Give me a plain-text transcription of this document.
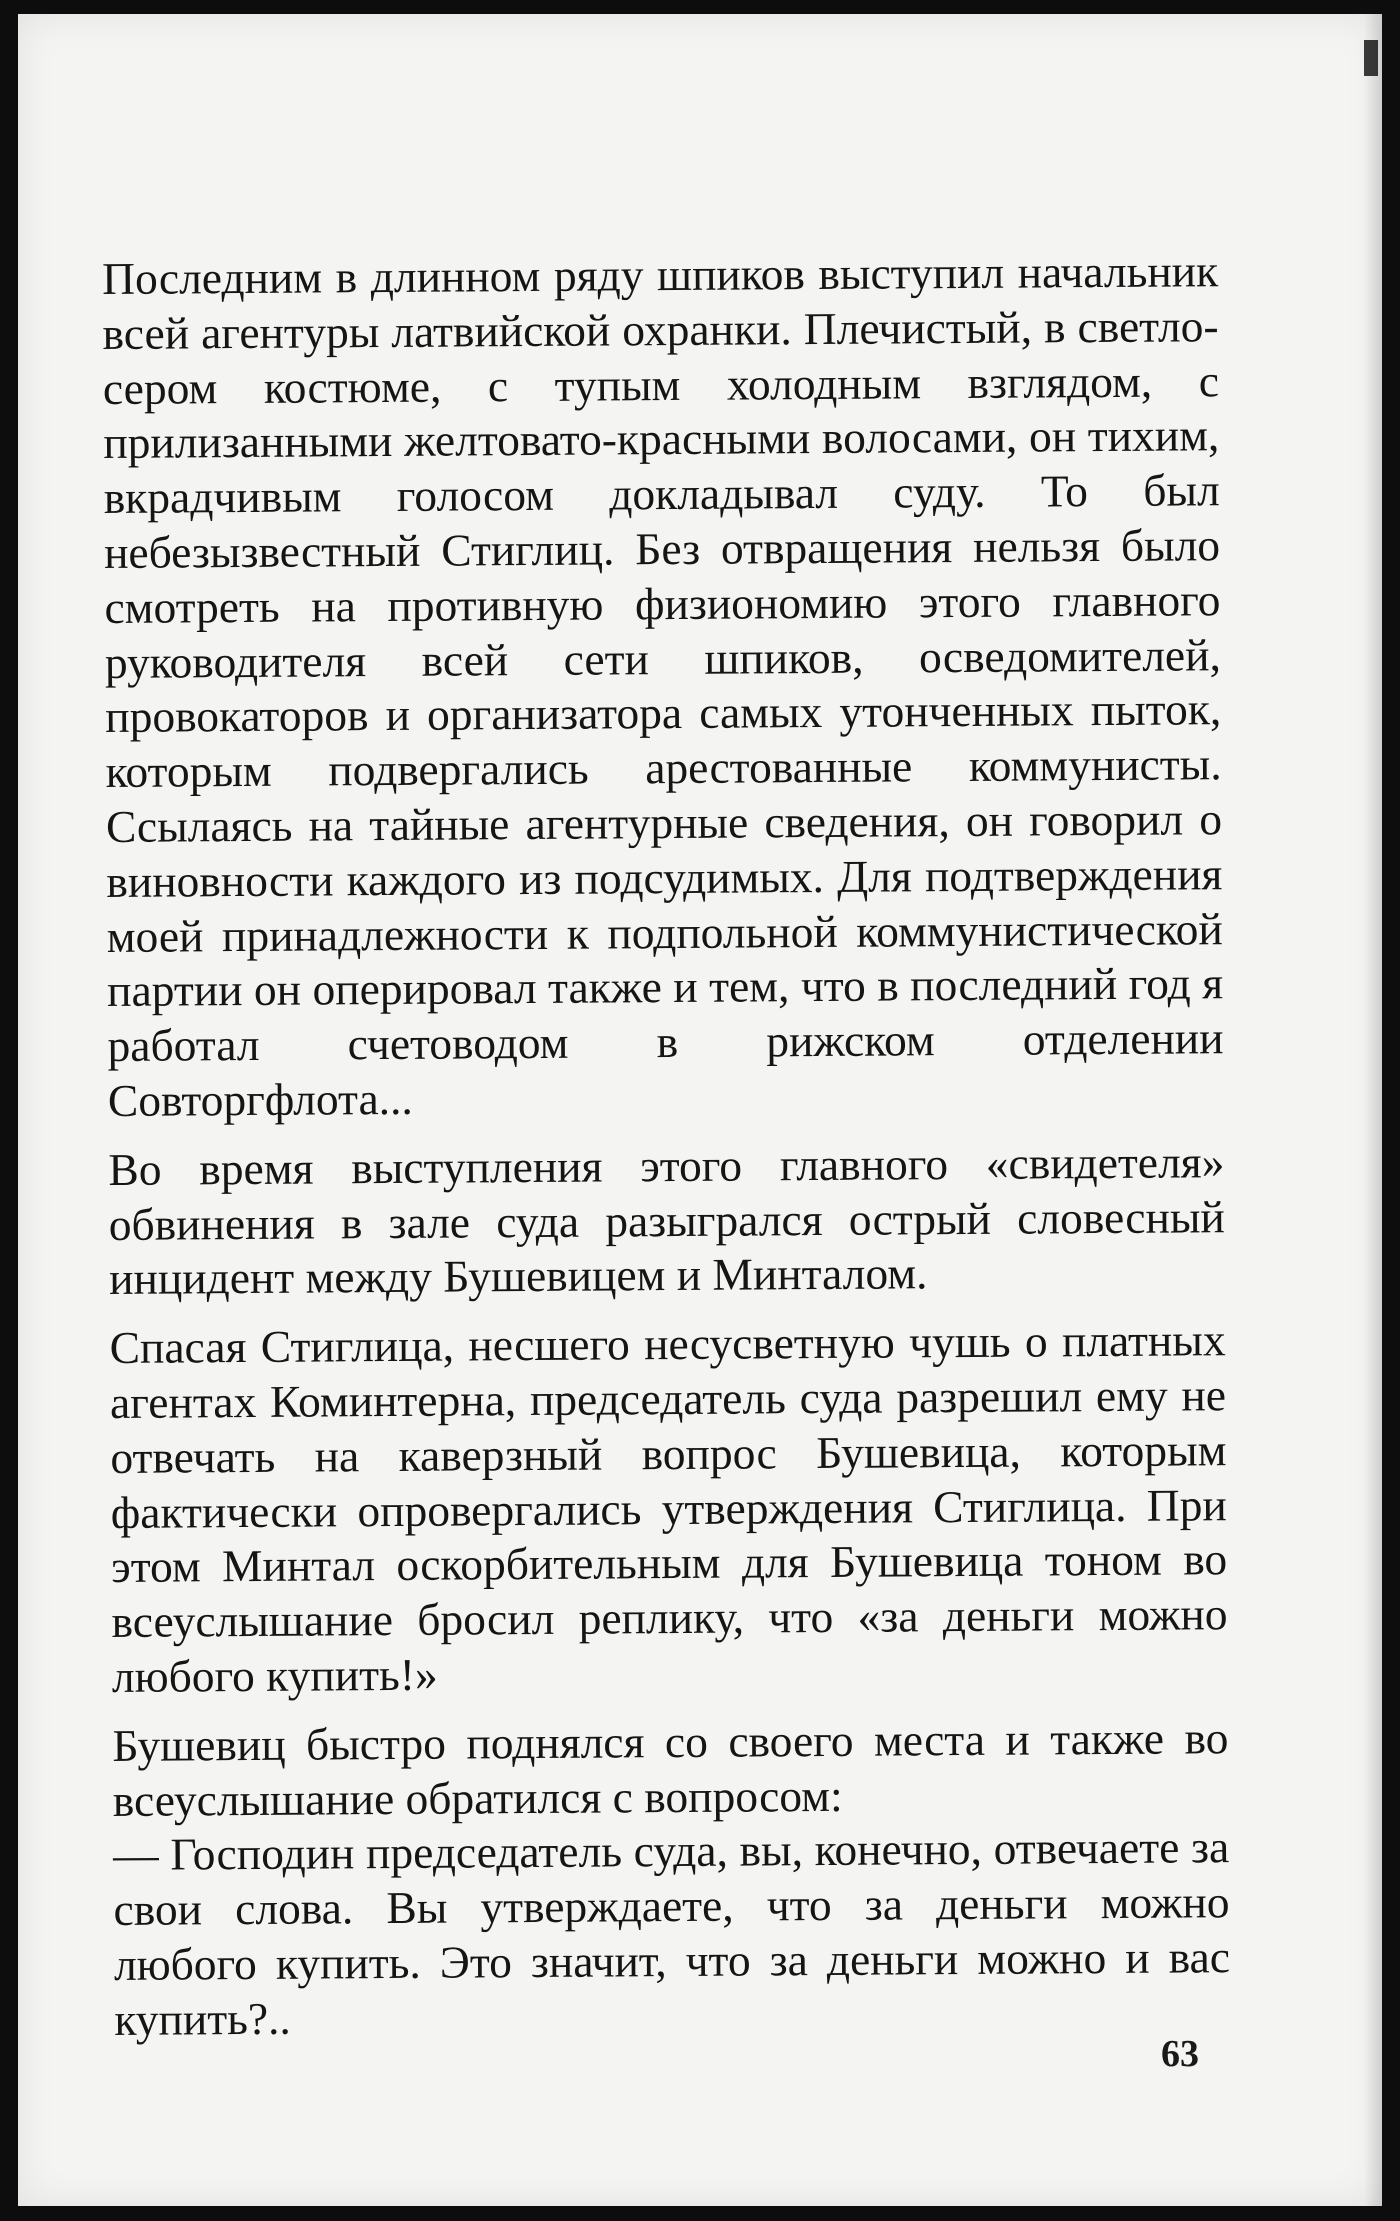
Последним в длинном ряду шпиков выступил начальник всей агентуры латвийской охранки. Плечистый, в светло-сером костюме, с тупым холодным взглядом, с прилизанными желтовато-красными волосами, он тихим, вкрадчивым голосом докладывал суду. То был небезызвестный Стиглиц. Без отвращения нельзя было смотреть на противную физиономию этого главного руководителя всей сети шпиков, осведомителей, провокаторов и организатора самых утонченных пыток, которым подвергались арестованные коммунисты. Ссылаясь на тайные агентурные сведения, он говорил о виновности каждого из подсудимых. Для подтверждения моей принадлежности к подпольной коммунистической партии он оперировал также и тем, что в последний год я работал счетоводом в рижском отделении Совторгфлота...

Во время выступления этого главного «свидетеля» обвинения в зале суда разыгрался острый словесный инцидент между Бушевицем и Минталом.

Спасая Стиглица, несшего несусветную чушь о платных агентах Коминтерна, председатель суда разрешил ему не отвечать на каверзный вопрос Бушевица, которым фактически опровергались утверждения Стиглица. При этом Минтал оскорбительным для Бушевица тоном во всеуслышание бросил реплику, что «за деньги можно любого купить!»

Бушевиц быстро поднялся со своего места и также во всеуслышание обратился с вопросом:

— Господин председатель суда, вы, конечно, отвечаете за свои слова. Вы утверждаете, что за деньги можно любого купить. Это значит, что за деньги можно и вас купить?..

63
